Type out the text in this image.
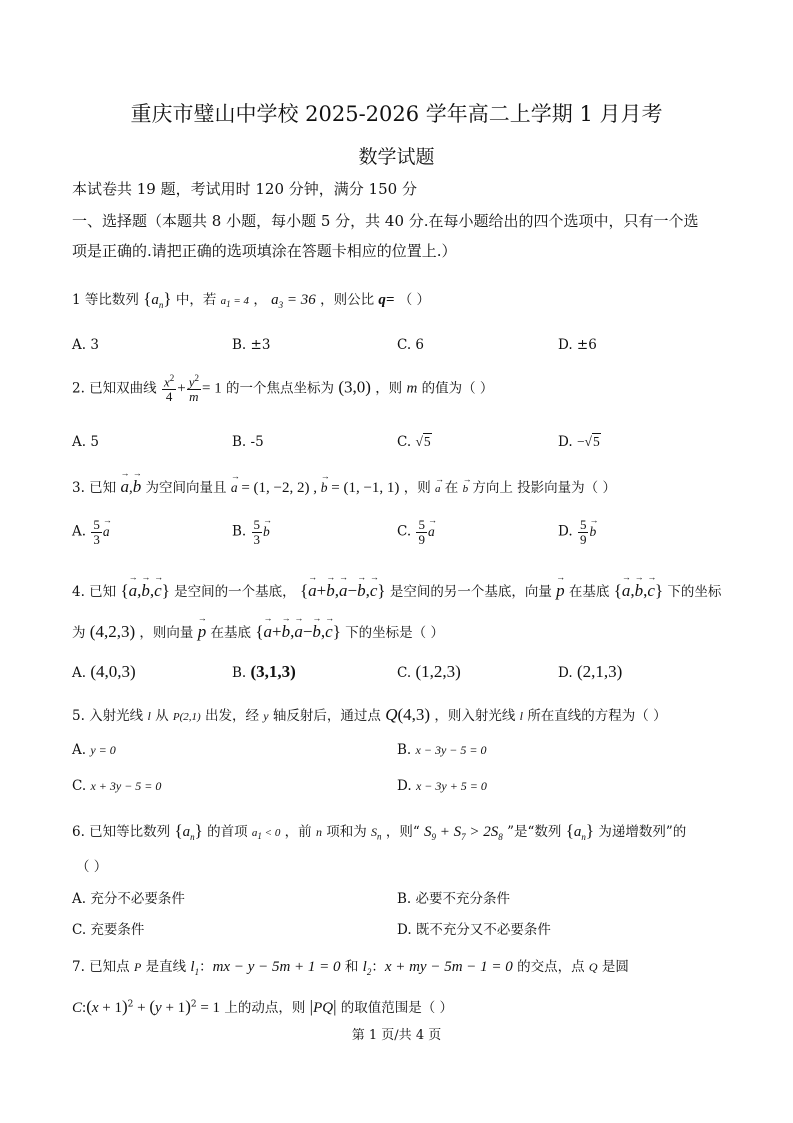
重庆市璧山中学校 2025-2026 学年高二上学期 1 月月考
数学试题
本试卷共 19 题，考试用时 120 分钟，满分 150 分
一、选择题（本题共 8 小题，每小题 5 分，共 40 分.在每小题给出的四个选项中，只有一个选
项是正确的.请把正确的选项填涂在答题卡相应的位置上.）
1 等比数列 $\{a_n\}$ 中，若 $a_1 = 4$ ， $a_3 = 36$ ，则公比 q= （ ）
A. 3	B. ±3	C. 6	D. ±6
2. 已知双曲线 $\frac{x^2}{4} + \frac{y^2}{m} = 1$ 的一个焦点坐标为 (3,0) ，则 m 的值为（ ）
A. 5	B. -5	C. √5	D. −√5
3. 已知 → a,→ b 为空间向量且 → a = (1, −2, 2) , → b = (1, −1, 1) ，则 → a 在 → b 方向上 投影向量为（ ）
A. $\frac{5}{3}$
→ a	B. $\frac{5}{3}$
→ b	C. $\frac{5}{9}$
→ a	D. $\frac{5}{9}$
→ b
4. 已知 {→ a,→ b,→ c} 是空间的一个基底， {→ a+→ b,→ a−→ b,→ c} 是空间的另一个基底，向量 → p 在基底 {→ a,→ b,→ c} 下的坐标
为 (4,2,3) ，则向量 → p 在基底 {→ a+→ b,→ a−→ b,→ c} 下的坐标是（ ）
A. (4,0,3)	B. (3,1,3)	C. (1,2,3)	D. (2,1,3)
5. 入射光线 l 从 P(2,1) 出发，经 y 轴反射后，通过点 Q(4,3) ，则入射光线 l 所在直线的方程为（ ）
A. y = 0	B. x − 3y − 5 = 0
C. x + 3y − 5 = 0	D. x − 3y + 5 = 0
6. 已知等比数列 $\{a_n\}$ 的首项 $a_1 < 0$ ，前 n 项和为 $S_n$ ，则“ $S_9 + S_7 > 2S_8$ ”是“数列 $\{a_n\}$ 为递增数列”的
（ ）
A. 充分不必要条件	B. 必要不充分条件
C. 充要条件	D. 既不充分又不必要条件
7. 已知点 P 是直线 $l_1$：mx − y − 5m + 1 = 0 和 $l_2$：x + my − 5m − 1 = 0 的交点，点 Q 是圆
C:(x + $1)^2 + (y + 1)^2 = 1$ 上的动点，则 |PQ| 的取值范围是（ ）
第 1 页/共 4 页
